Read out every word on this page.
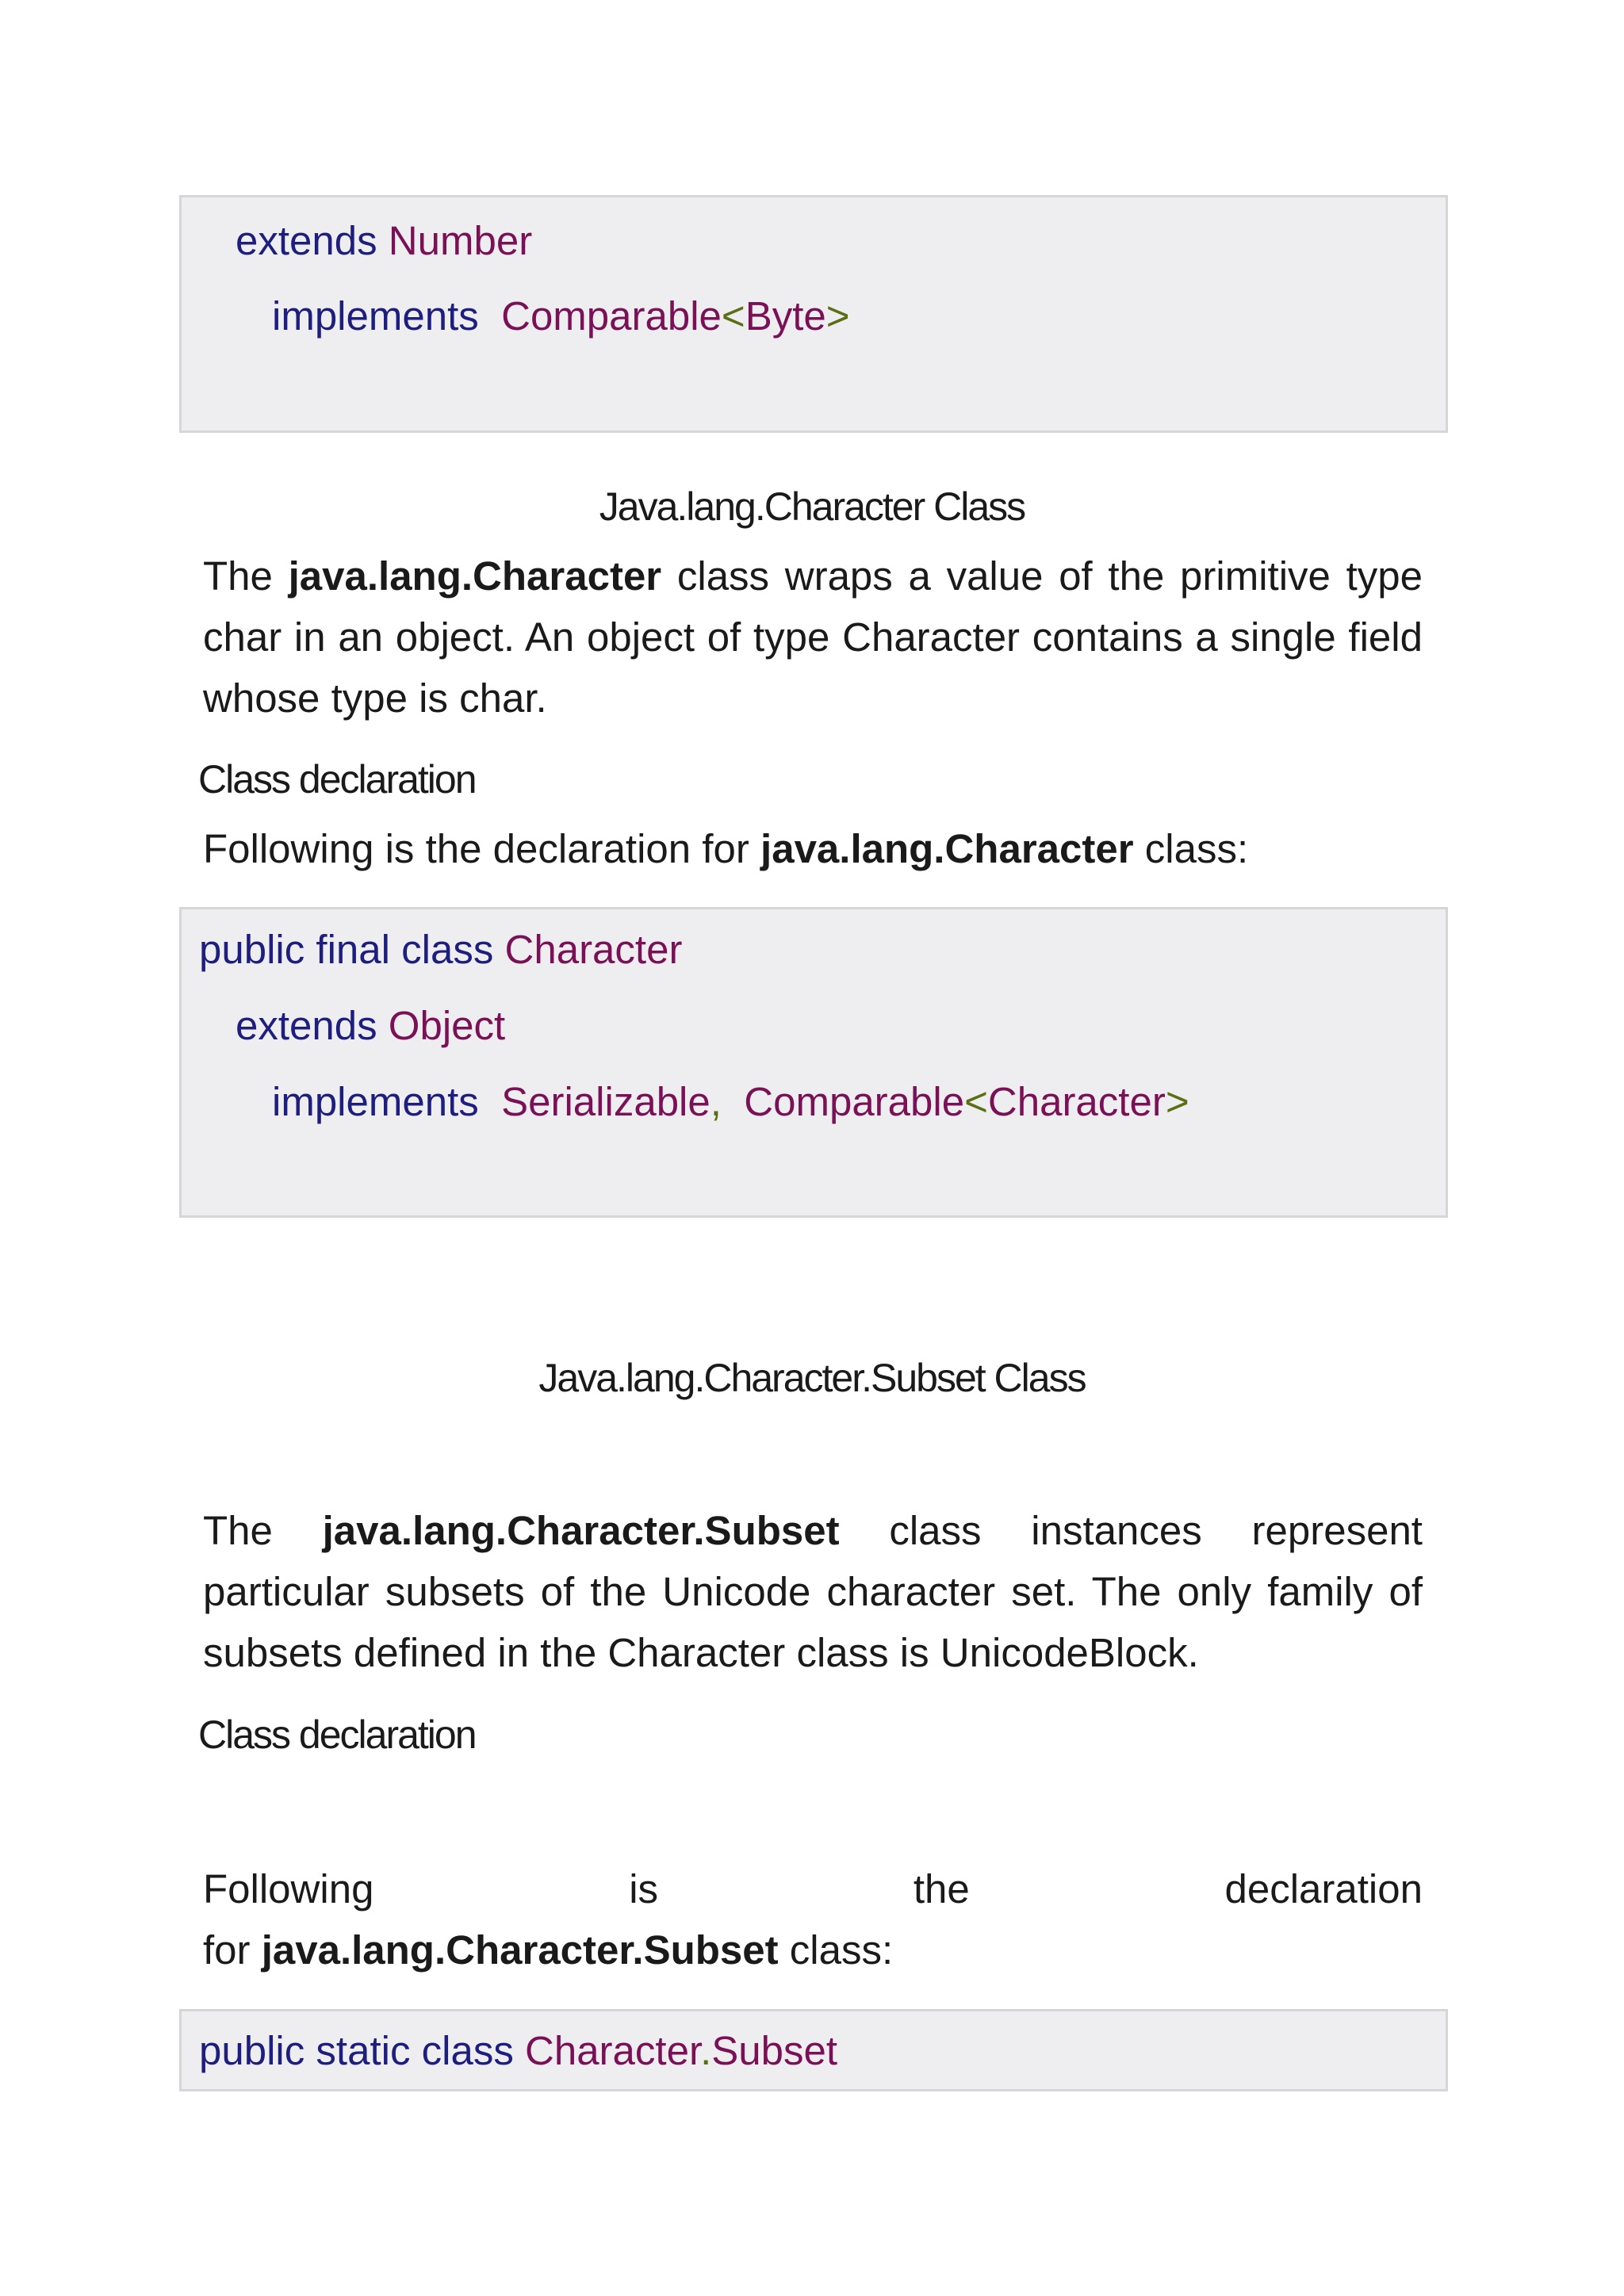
extends Number
implements Comparable<Byte>
Java.lang.Character Class
The java.lang.Character class wraps a value of the primitive type char in an object. An object of type Character contains a single field whose type is char.
Class declaration
Following is the declaration for java.lang.Character class:
public final class Character
extends Object
implements Serializable, Comparable<Character>
Java.lang.Character.Subset Class
The java.lang.Character.Subset class instances represent particular subsets of the Unicode character set. The only family of subsets defined in the Character class is UnicodeBlock.
Class declaration
Following is the declaration
for java.lang.Character.Subset class:
public static class Character.Subset
